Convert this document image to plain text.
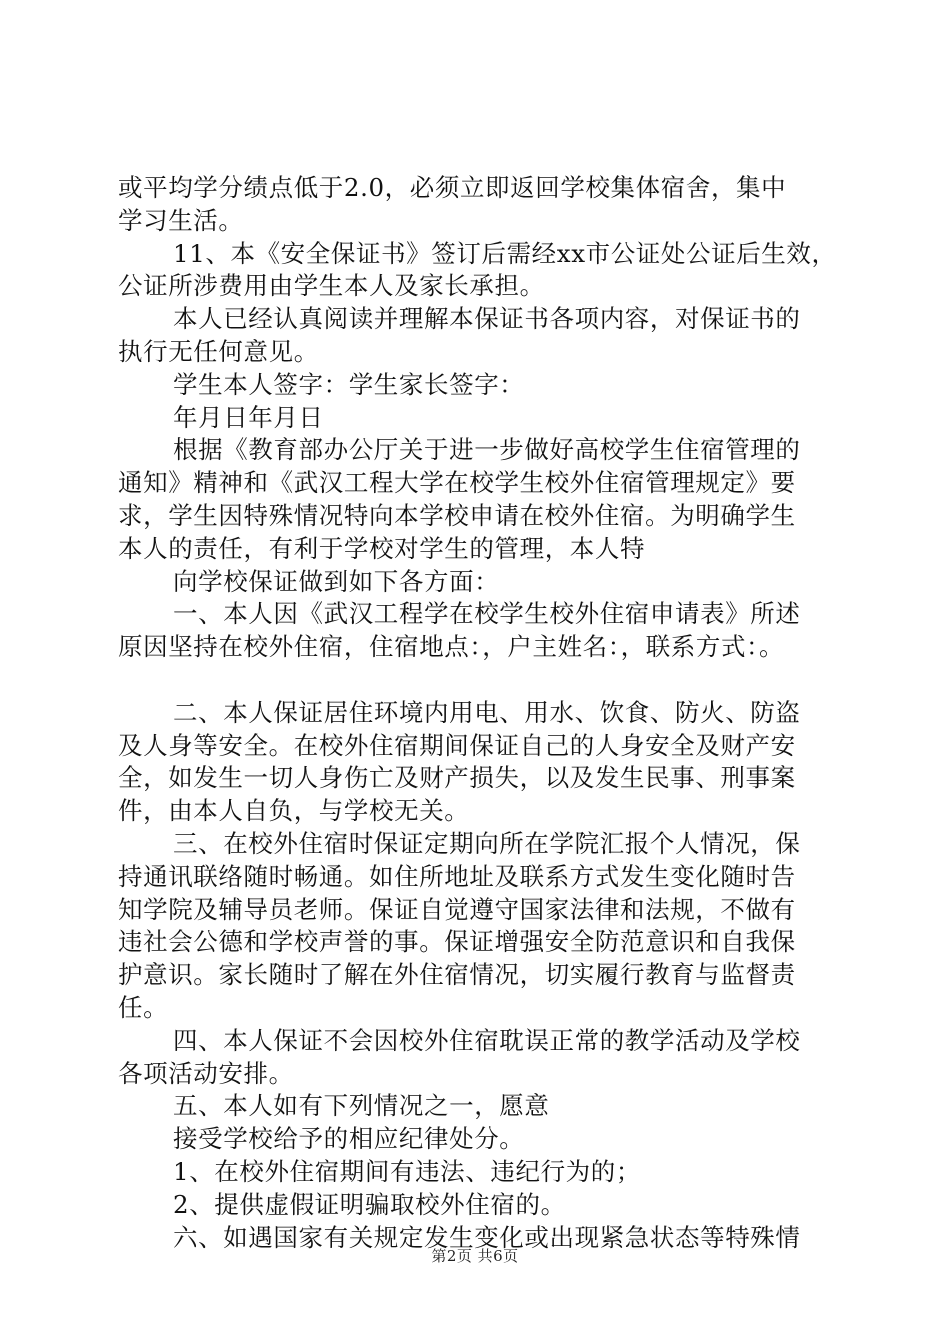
或平均学分绩点低于2.0，必须立即返回学校集体宿舍，集中
学习生活。
11、本《安全保证书》签订后需经xx市公证处公证后生效，
公证所涉费用由学生本人及家长承担。
本人已经认真阅读并理解本保证书各项内容，对保证书的
执行无任何意见。
学生本人签字：学生家长签字：
年月日年月日
根据《教育部办公厅关于进一步做好高校学生住宿管理的
通知》精神和《武汉工程大学在校学生校外住宿管理规定》要
求，学生因特殊情况特向本学校申请在校外住宿。为明确学生
本人的责任，有利于学校对学生的管理，本人特
向学校保证做到如下各方面：
一、本人因《武汉工程学在校学生校外住宿申请表》所述
原因坚持在校外住宿，住宿地点：，户主姓名：，联系方式：。
二、本人保证居住环境内用电、用水、饮食、防火、防盗
及人身等安全。在校外住宿期间保证自己的人身安全及财产安
全，如发生一切人身伤亡及财产损失，以及发生民事、刑事案
件，由本人自负，与学校无关。
三、在校外住宿时保证定期向所在学院汇报个人情况，保
持通讯联络随时畅通。如住所地址及联系方式发生变化随时告
知学院及辅导员老师。保证自觉遵守国家法律和法规，不做有
违社会公德和学校声誉的事。保证增强安全防范意识和自我保
护意识。家长随时了解在外住宿情况，切实履行教育与监督责
任。
四、本人保证不会因校外住宿耽误正常的教学活动及学校
各项活动安排。
五、本人如有下列情况之一，愿意
接受学校给予的相应纪律处分。
1、在校外住宿期间有违法、违纪行为的；
2、提供虚假证明骗取校外住宿的。
六、如遇国家有关规定发生变化或出现紧急状态等特殊情
第2页 共6页
